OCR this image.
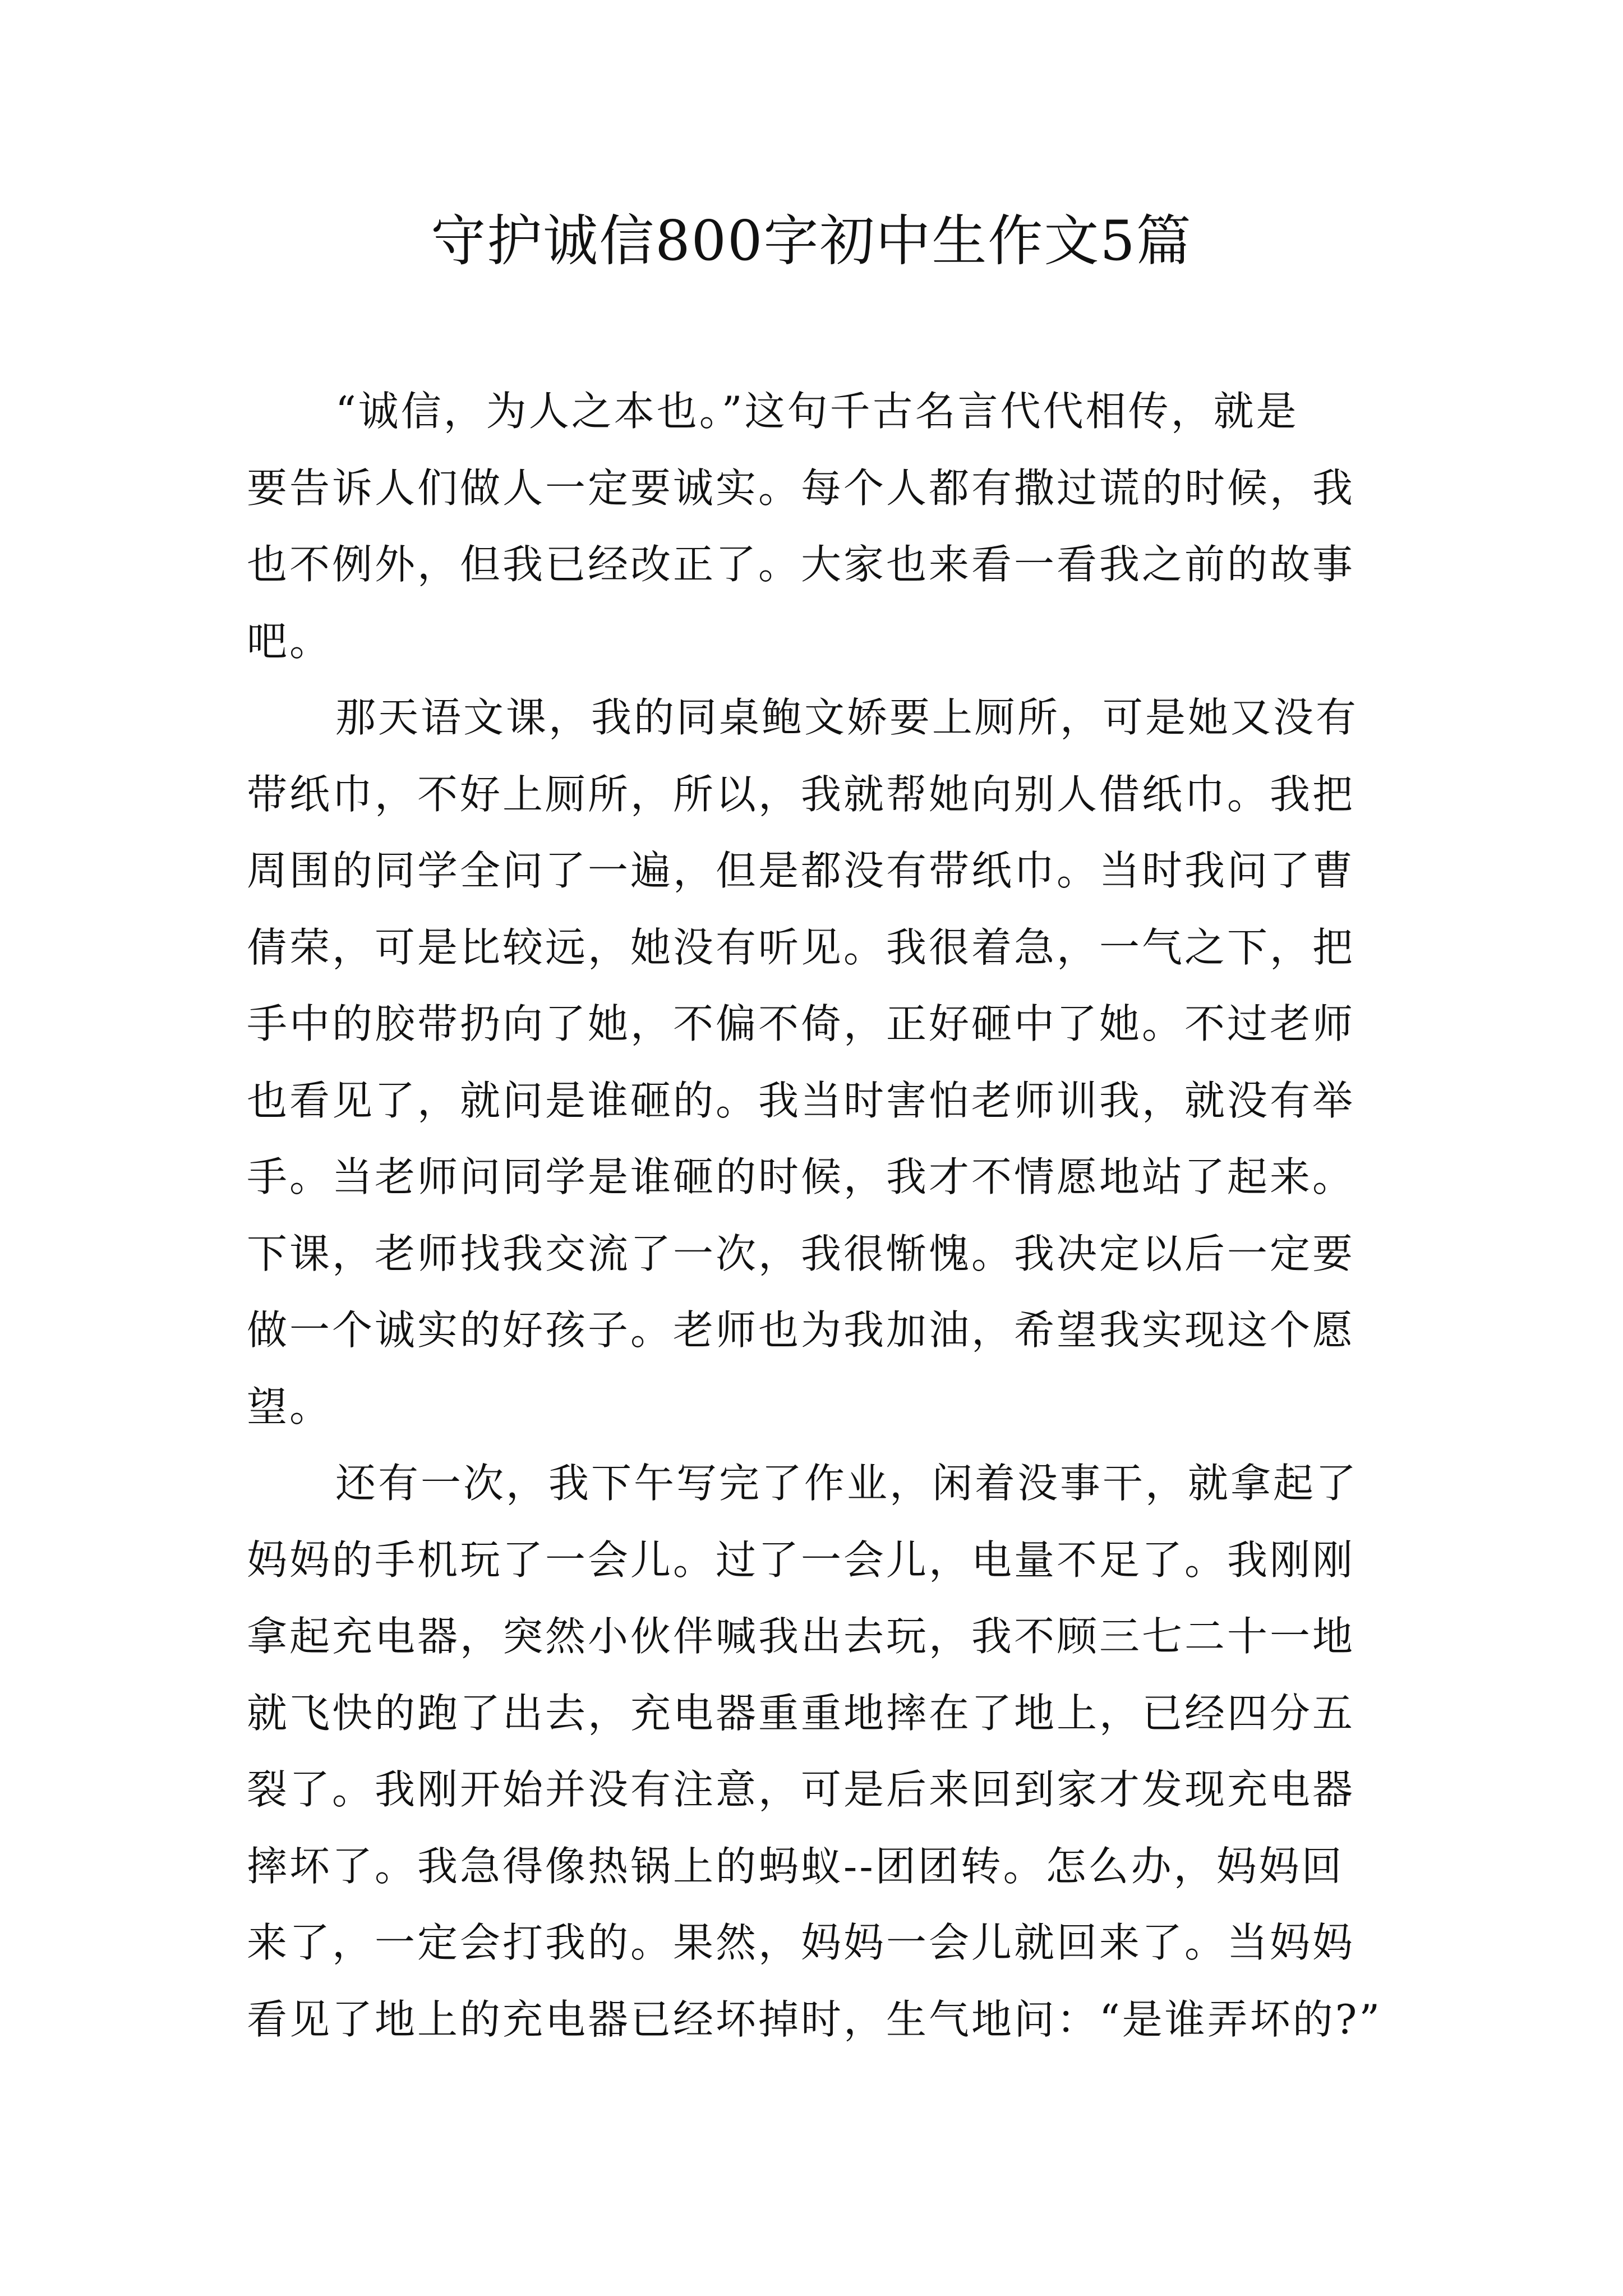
守护诚信800字初中生作文5篇
“诚信，为人之本也。”这句千古名言代代相传，就是
要告诉人们做人一定要诚实。每个人都有撒过谎的时候，我
也不例外，但我已经改正了。大家也来看一看我之前的故事
吧。
那天语文课，我的同桌鲍文娇要上厕所，可是她又没有
带纸巾，不好上厕所，所以，我就帮她向别人借纸巾。我把
周围的同学全问了一遍，但是都没有带纸巾。当时我问了曹
倩荣，可是比较远，她没有听见。我很着急，一气之下，把
手中的胶带扔向了她，不偏不倚，正好砸中了她。不过老师
也看见了，就问是谁砸的。我当时害怕老师训我，就没有举
手。当老师问同学是谁砸的时候，我才不情愿地站了起来。
下课，老师找我交流了一次，我很惭愧。我决定以后一定要
做一个诚实的好孩子。老师也为我加油，希望我实现这个愿
望。
还有一次，我下午写完了作业，闲着没事干，就拿起了
妈妈的手机玩了一会儿。过了一会儿，电量不足了。我刚刚
拿起充电器，突然小伙伴喊我出去玩，我不顾三七二十一地
就飞快的跑了出去，充电器重重地摔在了地上，已经四分五
裂了。我刚开始并没有注意，可是后来回到家才发现充电器
摔坏了。我急得像热锅上的蚂蚁--团团转。怎么办，妈妈回
来了，一定会打我的。果然，妈妈一会儿就回来了。当妈妈
看见了地上的充电器已经坏掉时，生气地问：“是谁弄坏的?”
